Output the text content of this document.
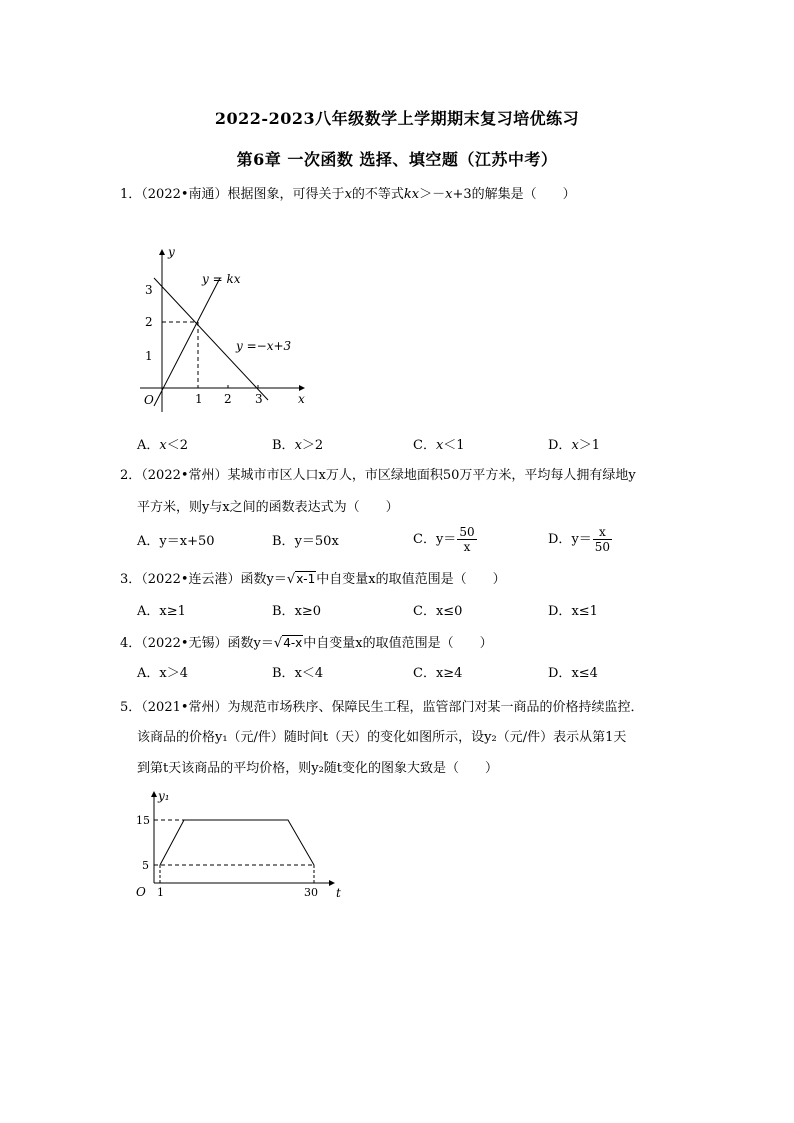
2022-2023八年级数学上学期期末复习培优练习
第6章 一次函数 选择、填空题（江苏中考）
1．（2022•南通）根据图象，可得关于x的不等式kx＞－x+3的解集是（　　）
y
x
O
1
2
3
1 2 3
y = kx
y =−x+3
A．x＜2	B．x＞2	C．x＜1	D．x＞1
2．（2022•常州）某城市市区人口x万人，市区绿地面积50万平方米，平均每人拥有绿地y
平方米，则y与x之间的函数表达式为（　　）
A．y＝x+50	B．y＝50x	C．$y= \frac{50}{x}$	D．$y= \frac{x}{50}$
3．（2022•连云港）函数y＝√x-1中自变量x的取值范围是（　　）
A．x≥1	B．x≥0	C．x≤0	D．x≤1
4．（2022•无锡）函数y＝√4-x中自变量x的取值范围是（　　）
A．x＞4	B．x＜4	C．x≥4	D．x≤4
5．（2021•常州）为规范市场秩序、保障民生工程，监管部门对某一商品的价格持续监控．
该商品的价格y₁（元/件）随时间t（天）的变化如图所示，设y₂（元/件）表示从第1天
到第t天该商品的平均价格，则y₂随t变化的图象大致是（　　）
y₁
t
O
5
15
1	30
